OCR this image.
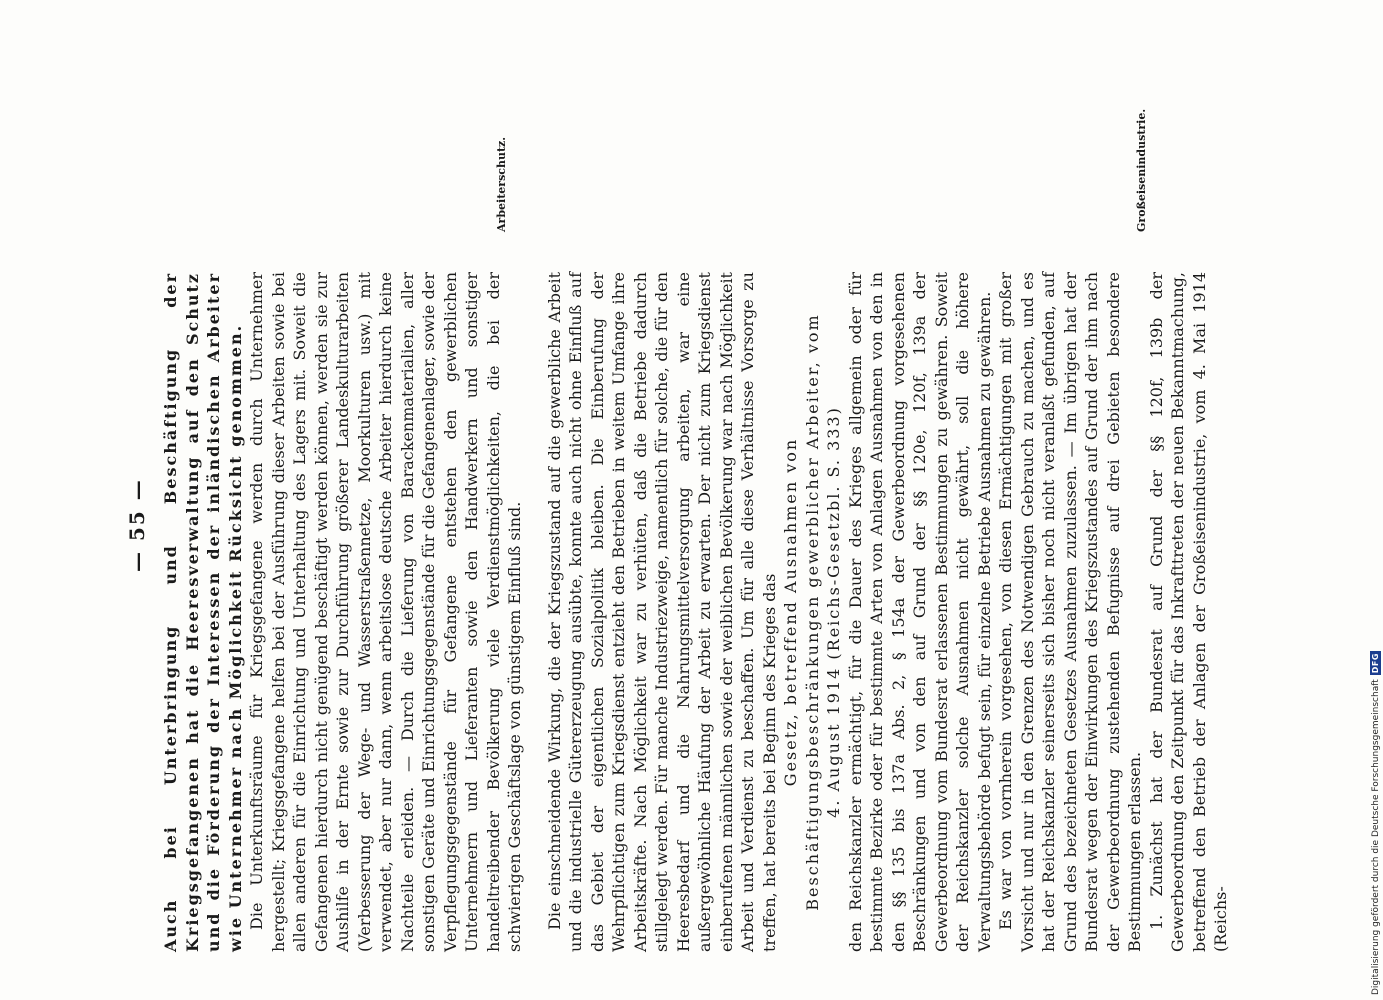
— 55 — Auch bei Unterbringung und Beschäftigung der Kriegsgefangenen hat die Heeresverwaltung auf den Schutz und die Förderung der Interessen der inländischen Arbeiter wie Unternehmer nach Möglichkeit Rücksicht genommen. Die Unterkunftsräume für Kriegsgefangene werden durch Unternehmer hergestellt; Kriegsgefangene helfen bei der Ausführung dieser Arbeiten sowie bei allen anderen für die Einrichtung und Unterhaltung des Lagers mit. Soweit die Gefangenen hierdurch nicht genügend beschäftigt werden können, werden sie zur Aushilfe in der Ernte sowie zur Durchführung größerer Landeskulturarbeiten (Verbesserung der Wege- und Wasserstraßennetze, Moorkulturen usw.) mit verwendet, aber nur dann, wenn arbeitslose deutsche Arbeiter hierdurch keine Nachteile erleiden. — Durch die Lieferung von Barackenmaterialien, aller sonstigen Geräte und Einrichtungsgegenstände für die Gefangenenlager, sowie der Verpflegungsgegenstände für Gefangene entstehen den gewerblichen Unternehmern und Lieferanten sowie den Handwerkern und sonstiger handeltreibender Bevölkerung viele Verdienstmöglichkeiten, die bei der schwierigen Geschäftslage von günstigem Einfluß sind. Die einschneidende Wirkung, die der Kriegszustand auf die gewerbliche Arbeit und die industrielle Gütererzeugung ausübte, konnte auch nicht ohne Einfluß auf das Gebiet der eigentlichen Sozialpolitik bleiben. Die Einberufung der Wehrpflichtigen zum Kriegsdienst entzieht den Betrieben in weitem Umfange ihre Arbeitskräfte. Nach Möglichkeit war zu verhüten, daß die Betriebe dadurch stillgelegt werden. Für manche Industriezweige, namentlich für solche, die für den Heeresbedarf und die Nahrungsmittelversorgung arbeiten, war eine außergewöhnliche Häufung der Arbeit zu erwarten. Der nicht zum Kriegsdienst einberufenen männlichen sowie der weiblichen Bevölkerung war nach Möglichkeit Arbeit und Verdienst zu beschaffen. Um für alle diese Verhältnisse Vorsorge zu treffen, hat bereits bei Beginn des Krieges das Gesetz, betreffend Ausnahmen von Beschäftigungsbeschränkungen gewerblicher Arbeiter, vom 4. August 1914 (Reichs-Gesetzbl. S. 333) den Reichskanzler ermächtigt, für die Dauer des Krieges allgemein oder für bestimmte Bezirke oder für bestimmte Arten von Anlagen Ausnahmen von den in den §§ 135 bis 137a Abs. 2, § 154a der Gewerbeordnung vorgesehenen Beschränkungen und von den auf Grund der §§ 120e, 120f, 139a der Gewerbeordnung vom Bundesrat erlassenen Bestimmungen zu gewähren. Soweit der Reichskanzler solche Ausnahmen nicht gewährt, soll die höhere Verwaltungsbehörde befugt sein, für einzelne Betriebe Ausnahmen zu gewähren. Es war von vornherein vorgesehen, von diesen Ermächtigungen mit großer Vorsicht und nur in den Grenzen des Notwendigen Gebrauch zu machen, und es hat der Reichskanzler seinerseits sich bisher noch nicht veranlaßt gefunden, auf Grund des bezeichneten Gesetzes Ausnahmen zuzulassen. — Im übrigen hat der Bundesrat wegen der Einwirkungen des Kriegszustandes auf Grund der ihm nach der Gewerbeordnung zustehenden Befugnisse auf drei Gebieten besondere Bestimmungen erlassen. 1. Zunächst hat der Bundesrat auf Grund der §§ 120f, 139b der Gewerbeordnung den Zeitpunkt für das Inkrafttreten der neuen Bekanntmachung, betreffend den Betrieb der Anlagen der Großeisenindustrie, vom 4. Mai 1914 (Reichs-

Arbeiterschutz.	Großeisenindustrie.
Digitalisierung gefördert durch die Deutsche Forschungsgemeinschaft
DFG
